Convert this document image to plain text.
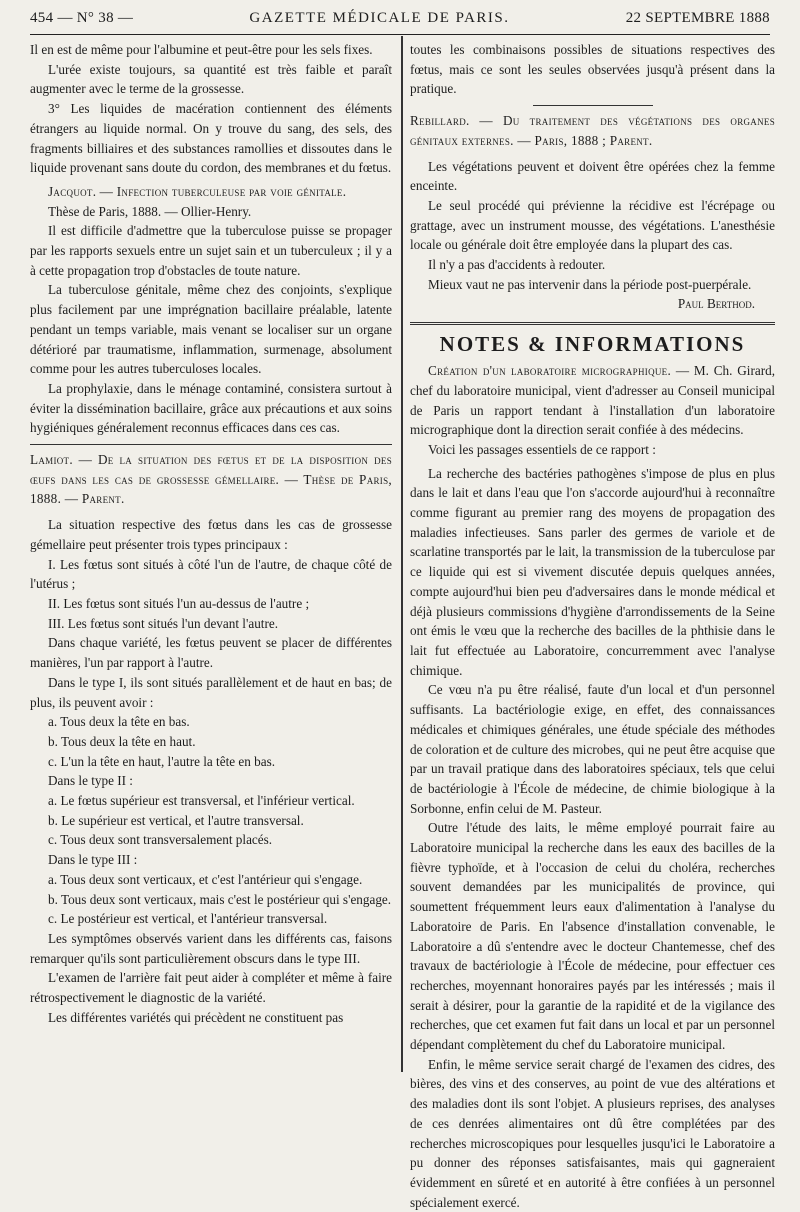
454 — N° 38 —	GAZETTE MÉDICALE DE PARIS.	22 SEPTEMBRE 1888

Il en est de même pour l'albumine et peut-être pour les sels fixes.

L'urée existe toujours, sa quantité est très faible et paraît augmenter avec le terme de la grossesse.

3° Les liquides de macération contiennent des éléments étrangers au liquide normal. On y trouve du sang, des sels, des fragments billiaires et des substances ramollies et dissoutes dans le liquide provenant sans doute du cordon, des membranes et du fœtus.

Jacquot. — Infection tuberculeuse par voie génitale.

Thèse de Paris, 1888. — Ollier-Henry.

Il est difficile d'admettre que la tuberculose puisse se propager par les rapports sexuels entre un sujet sain et un tuberculeux ; il y a à cette propagation trop d'obstacles de toute nature.

La tuberculose génitale, même chez des conjoints, s'explique plus facilement par une imprégnation bacillaire préalable, latente pendant un temps variable, mais venant se localiser sur un organe détérioré par traumatisme, inflammation, surmenage, absolument comme pour les autres tuberculoses locales.

La prophylaxie, dans le ménage contaminé, consistera surtout à éviter la dissémination bacillaire, grâce aux précautions et aux soins hygiéniques généralement reconnus efficaces dans ces cas.

Lamiot. — De la situation des fœtus et de la disposition des œufs dans les cas de grossesse gémellaire. — Thèse de Paris, 1888. — Parent.

La situation respective des fœtus dans les cas de grossesse gémellaire peut présenter trois types principaux :

I. Les fœtus sont situés à côté l'un de l'autre, de chaque côté de l'utérus ;

II. Les fœtus sont situés l'un au-dessus de l'autre ;

III. Les fœtus sont situés l'un devant l'autre.

Dans chaque variété, les fœtus peuvent se placer de différentes manières, l'un par rapport à l'autre.

Dans le type I, ils sont situés parallèlement et de haut en bas; de plus, ils peuvent avoir :

a. Tous deux la tête en bas.

b. Tous deux la tête en haut.

c. L'un la tête en haut, l'autre la tête en bas.

Dans le type II :

a. Le fœtus supérieur est transversal, et l'inférieur vertical.

b. Le supérieur est vertical, et l'autre transversal.

c. Tous deux sont transversalement placés.

Dans le type III :

a. Tous deux sont verticaux, et c'est l'antérieur qui s'engage.

b. Tous deux sont verticaux, mais c'est le postérieur qui s'engage.

c. Le postérieur est vertical, et l'antérieur transversal.

Les symptômes observés varient dans les différents cas, faisons remarquer qu'ils sont particulièrement obscurs dans le type III.

L'examen de l'arrière fait peut aider à compléter et même à faire rétrospectivement le diagnostic de la variété.

Les différentes variétés qui précèdent ne constituent pas

toutes les combinaisons possibles de situations respectives des fœtus, mais ce sont les seules observées jusqu'à présent dans la pratique.

Rebillard. — Du traitement des végétations des organes génitaux externes. — Paris, 1888 ; Parent.

Les végétations peuvent et doivent être opérées chez la femme enceinte.

Le seul procédé qui prévienne la récidive est l'écrépage ou grattage, avec un instrument mousse, des végétations. L'anesthésie locale ou générale doit être employée dans la plupart des cas.

Il n'y a pas d'accidents à redouter.

Mieux vaut ne pas intervenir dans la période post-puerpérale.

Paul Berthod.

NOTES & INFORMATIONS

Création d'un laboratoire micrographique. — M. Ch. Girard, chef du laboratoire municipal, vient d'adresser au Conseil municipal de Paris un rapport tendant à l'installation d'un laboratoire micrographique dont la direction serait confiée à des médecins.

Voici les passages essentiels de ce rapport :

La recherche des bactéries pathogènes s'impose de plus en plus dans le lait et dans l'eau que l'on s'accorde aujourd'hui à reconnaître comme figurant au premier rang des moyens de propagation des maladies infectieuses. Sans parler des germes de variole et de scarlatine transportés par le lait, la transmission de la tuberculose par ce liquide qui est si vivement discutée depuis quelques années, compte aujourd'hui bien peu d'adversaires dans le monde médical et déjà plusieurs commissions d'hygiène d'arrondissements de la Seine ont émis le vœu que la recherche des bacilles de la phthisie dans le lait fut effectuée au Laboratoire, concurremment avec l'analyse chimique.

Ce vœu n'a pu être réalisé, faute d'un local et d'un personnel suffisants. La bactériologie exige, en effet, des connaissances médicales et chimiques générales, une étude spéciale des méthodes de coloration et de culture des microbes, qui ne peut être acquise que par un travail pratique dans des laboratoires spéciaux, tels que celui de bactériologie à l'École de médecine, de chimie biologique à la Sorbonne, enfin celui de M. Pasteur.

Outre l'étude des laits, le même employé pourrait faire au Laboratoire municipal la recherche dans les eaux des bacilles de la fièvre typhoïde, et à l'occasion de celui du choléra, recherches souvent demandées par les municipalités de province, qui soumettent fréquemment leurs eaux d'alimentation à l'analyse du Laboratoire de Paris. En l'absence d'installation convenable, le Laboratoire a dû s'entendre avec le docteur Chantemesse, chef des travaux de bactériologie à l'École de médecine, pour effectuer ces recherches, moyennant honoraires payés par les intéressés ; mais il serait à désirer, pour la garantie de la rapidité et de la vigilance des recherches, que cet examen fut fait dans un local et par un personnel dépendant complètement du chef du Laboratoire municipal.

Enfin, le même service serait chargé de l'examen des cidres, des bières, des vins et des conserves, au point de vue des altérations et des maladies dont ils sont l'objet. A plusieurs reprises, des analyses de ces denrées alimentaires ont dû être complétées par des recherches microscopiques pour lesquelles jusqu'ici le Laboratoire a pu donner des réponses satisfaisantes, mais qui gagneraient évidemment en sûreté et en autorité à être confiées à un personnel spécialement exercé.
